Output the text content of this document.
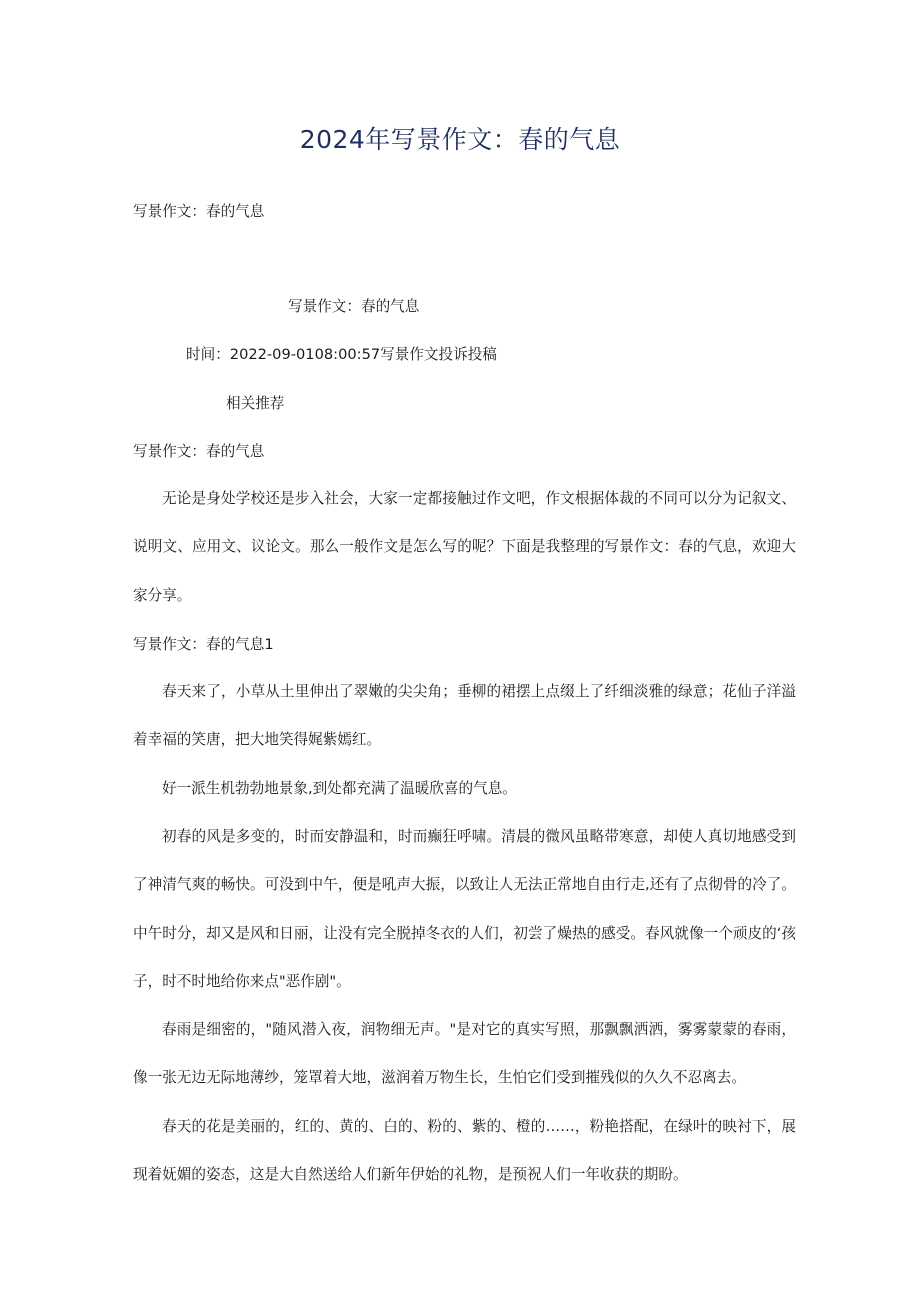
2024年写景作文：春的气息
写景作文：春的气息
写景作文：春的气息
时间：2022-09-0108:00:57写景作文投诉投稿
相关推荐
写景作文：春的气息
无论是身处学校还是步入社会，大家一定都接触过作文吧，作文根据体裁的不同可以分为记叙文、说明文、应用文、议论文。那么一般作文是怎么写的呢？下面是我整理的写景作文：春的气息，欢迎大家分享。
写景作文：春的气息1
春天来了，小草从土里伸出了翠嫩的尖尖角；垂柳的裙摆上点缀上了纤细淡雅的绿意；花仙子洋溢着幸福的笑唐，把大地笑得娓紫嫣红。
好一派生机勃勃地景象,到处都充满了温暖欣喜的气息。
初春的风是多变的，时而安静温和，时而癫狂呼啸。清晨的微风虽略带寒意，却使人真切地感受到了神清气爽的畅快。可没到中午，便是吼声大振，以致让人无法正常地自由行走,还有了点彻骨的冷了。中午时分，却又是风和日丽，让没有完全脱掉冬衣的人们，初尝了燥热的感受。春风就像一个顽皮的‘孩子，时不时地给你来点"恶作剧"。
春雨是细密的，"随风潜入夜，润物细无声。"是对它的真实写照，那飘飘洒洒，雾雾蒙蒙的春雨，像一张无边无际地薄纱，笼罩着大地，滋润着万物生长，生怕它们受到摧残似的久久不忍离去。
春天的花是美丽的，红的、黄的、白的、粉的、紫的、橙的……，粉艳搭配，在绿叶的映衬下，展现着妩媚的姿态，这是大自然送给人们新年伊始的礼物，是预祝人们一年收获的期盼。
